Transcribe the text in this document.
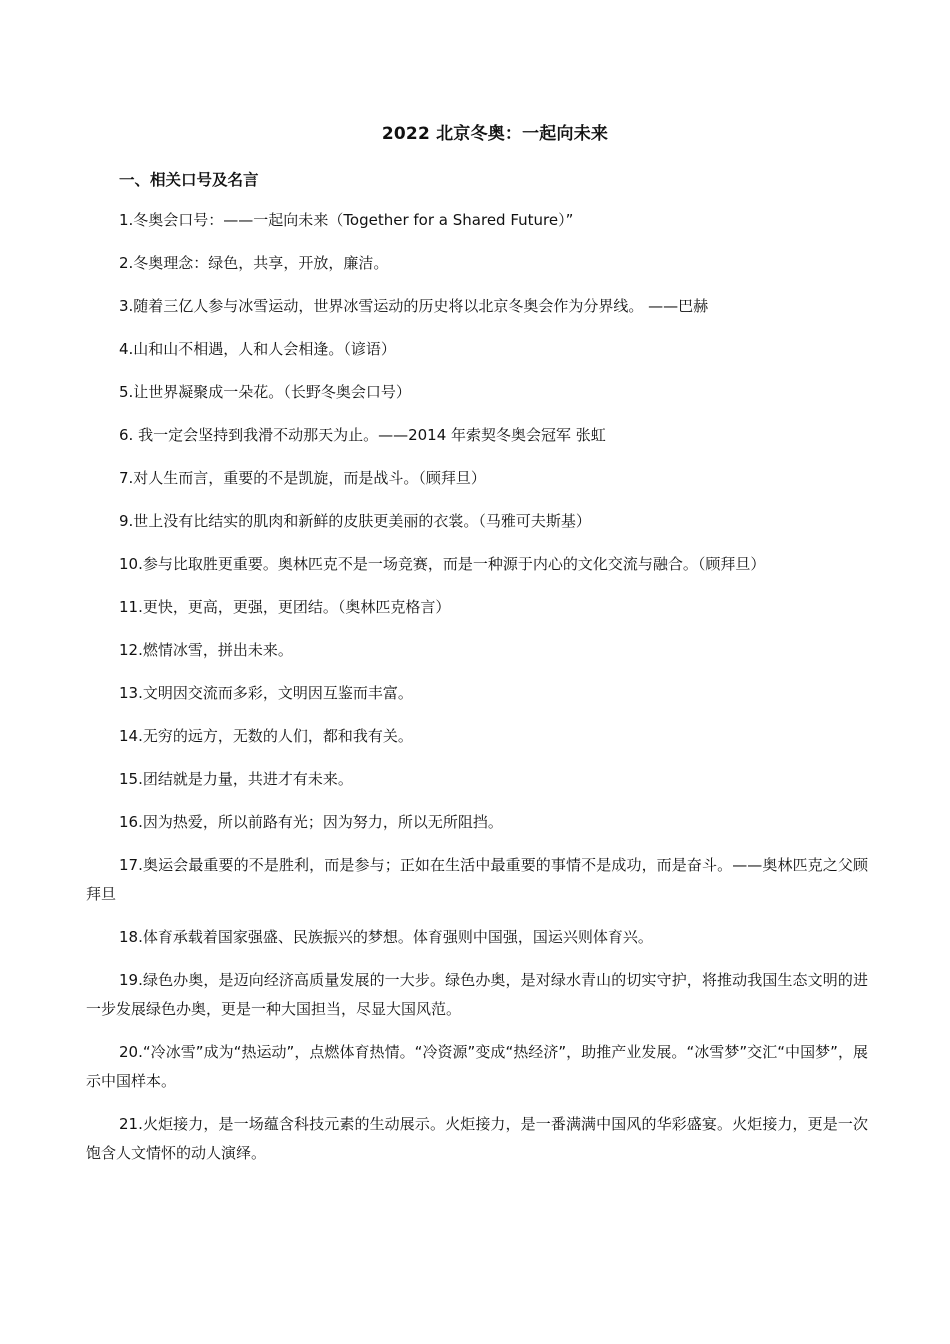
2022 北京冬奥：一起向未来
一、相关口号及名言

1.冬奥会口号：——一起向未来（Together for a Shared Future）”

2.冬奥理念：绿色，共享，开放，廉洁。

3.随着三亿人参与冰雪运动，世界冰雪运动的历史将以北京冬奥会作为分界线。 ——巴赫

4.山和山不相遇，人和人会相逢。（谚语）

5.让世界凝聚成一朵花。（长野冬奥会口号）

6. 我一定会坚持到我滑不动那天为止。——2014 年索契冬奥会冠军 张虹

7.对人生而言，重要的不是凯旋，而是战斗。（顾拜旦）

9.世上没有比结实的肌肉和新鲜的皮肤更美丽的衣裳。（马雅可夫斯基）

10.参与比取胜更重要。奥林匹克不是一场竞赛，而是一种源于内心的文化交流与融合。（顾拜旦）

11.更快，更高，更强，更团结。（奥林匹克格言）

12.燃情冰雪，拼出未来。

13.文明因交流而多彩，文明因互鉴而丰富。

14.无穷的远方，无数的人们，都和我有关。

15.团结就是力量，共进才有未来。

16.因为热爱，所以前路有光；因为努力，所以无所阻挡。

17.奥运会最重要的不是胜利，而是参与；正如在生活中最重要的事情不是成功，而是奋斗。——奥林匹克之父顾拜旦

18.体育承载着国家强盛、民族振兴的梦想。体育强则中国强，国运兴则体育兴。

19.绿色办奥，是迈向经济高质量发展的一大步。绿色办奥，是对绿水青山的切实守护，将推动我国生态文明的进一步发展绿色办奥，更是一种大国担当，尽显大国风范。

20.“冷冰雪”成为“热运动”，点燃体育热情。“冷资源”变成“热经济”，助推产业发展。“冰雪梦”交汇“中国梦”，展示中国样本。

21.火炬接力，是一场蕴含科技元素的生动展示。火炬接力，是一番满满中国风的华彩盛宴。火炬接力，更是一次饱含人文情怀的动人演绎。
